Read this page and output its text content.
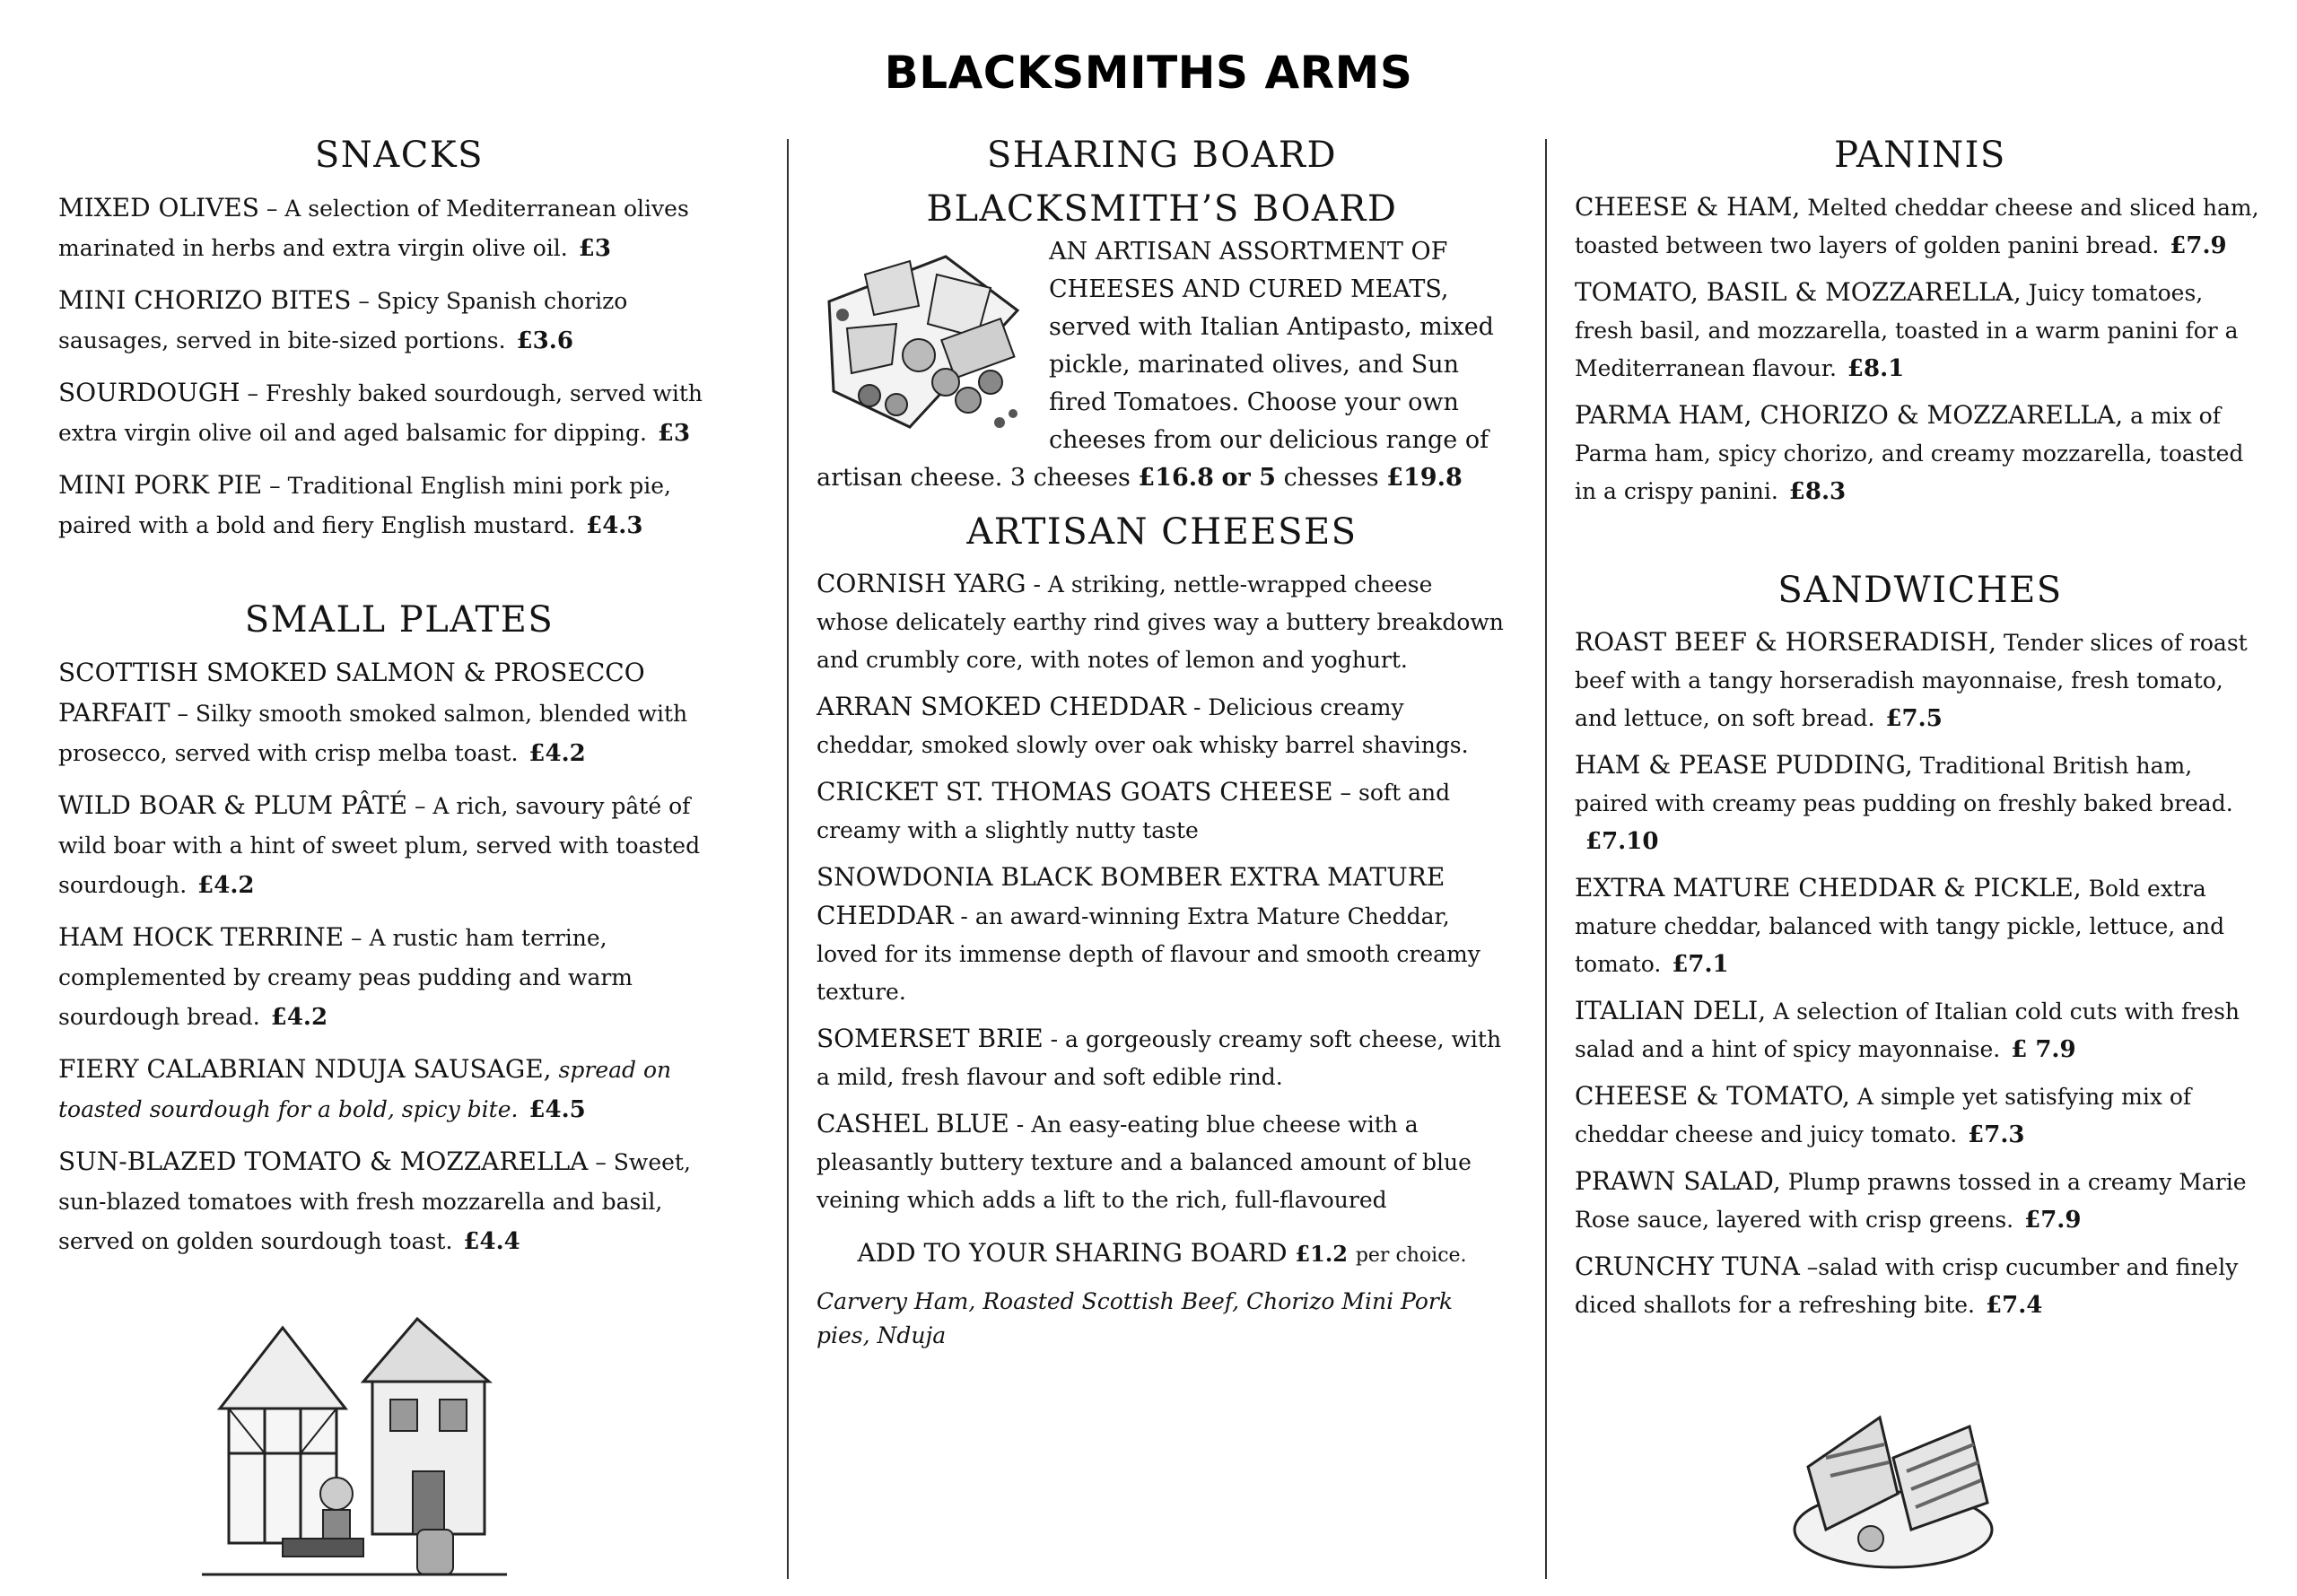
BLACKSMITHS ARMS
SNACKS
MIXED OLIVES – A selection of Mediterranean olives marinated in herbs and extra virgin olive oil. £3
MINI CHORIZO BITES – Spicy Spanish chorizo sausages, served in bite-sized portions. £3.6
SOURDOUGH – Freshly baked sourdough, served with extra virgin olive oil and aged balsamic for dipping. £3
MINI PORK PIE – Traditional English mini pork pie, paired with a bold and fiery English mustard. £4.3
SMALL PLATES
SCOTTISH SMOKED SALMON & PROSECCO PARFAIT – Silky smooth smoked salmon, blended with prosecco, served with crisp melba toast. £4.2
WILD BOAR & PLUM PÂTÉ – A rich, savoury pâté of wild boar with a hint of sweet plum, served with toasted sourdough. £4.2
HAM HOCK TERRINE – A rustic ham terrine, complemented by creamy peas pudding and warm sourdough bread. £4.2
FIERY CALABRIAN NDUJA SAUSAGE, spread on toasted sourdough for a bold, spicy bite. £4.5
SUN-BLAZED TOMATO & MOZZARELLA – Sweet, sun-blazed tomatoes with fresh mozzarella and basil, served on golden sourdough toast. £4.4
SHARING BOARD
BLACKSMITH’S BOARD
AN ARTISAN ASSORTMENT OF CHEESES AND CURED MEATS, served with Italian Antipasto, mixed pickle, marinated olives, and Sun fired Tomatoes. Choose your own cheeses from our delicious range of artisan cheese. 3 cheeses £16.8 or 5 chesses £19.8
ARTISAN CHEESES
CORNISH YARG - A striking, nettle-wrapped cheese whose delicately earthy rind gives way a buttery breakdown and crumbly core, with notes of lemon and yoghurt.
ARRAN SMOKED CHEDDAR - Delicious creamy cheddar, smoked slowly over oak whisky barrel shavings.
CRICKET ST. THOMAS GOATS CHEESE – soft and creamy with a slightly nutty taste
SNOWDONIA BLACK BOMBER EXTRA MATURE CHEDDAR - an award-winning Extra Mature Cheddar, loved for its immense depth of flavour and smooth creamy texture.
SOMERSET BRIE - a gorgeously creamy soft cheese, with a mild, fresh flavour and soft edible rind.
CASHEL BLUE - An easy-eating blue cheese with a pleasantly buttery texture and a balanced amount of blue veining which adds a lift to the rich, full-flavoured
ADD TO YOUR SHARING BOARD £1.2 per choice.
Carvery Ham, Roasted Scottish Beef, Chorizo Mini Pork pies, Nduja
PANINIS
CHEESE & HAM, Melted cheddar cheese and sliced ham, toasted between two layers of golden panini bread. £7.9
TOMATO, BASIL & MOZZARELLA, Juicy tomatoes, fresh basil, and mozzarella, toasted in a warm panini for a Mediterranean flavour. £8.1
PARMA HAM, CHORIZO & MOZZARELLA, a mix of Parma ham, spicy chorizo, and creamy mozzarella, toasted in a crispy panini. £8.3
SANDWICHES
ROAST BEEF & HORSERADISH, Tender slices of roast beef with a tangy horseradish mayonnaise, fresh tomato, and lettuce, on soft bread. £7.5
HAM & PEASE PUDDING, Traditional British ham, paired with creamy peas pudding on freshly baked bread.£7.10
EXTRA MATURE CHEDDAR & PICKLE, Bold extra mature cheddar, balanced with tangy pickle, lettuce, and tomato. £7.1
ITALIAN DELI, A selection of Italian cold cuts with fresh salad and a hint of spicy mayonnaise. £ 7.9
CHEESE & TOMATO, A simple yet satisfying mix of cheddar cheese and juicy tomato. £7.3
PRAWN SALAD, Plump prawns tossed in a creamy Marie Rose sauce, layered with crisp greens. £7.9
CRUNCHY TUNA –salad with crisp cucumber and finely diced shallots for a refreshing bite. £7.4
